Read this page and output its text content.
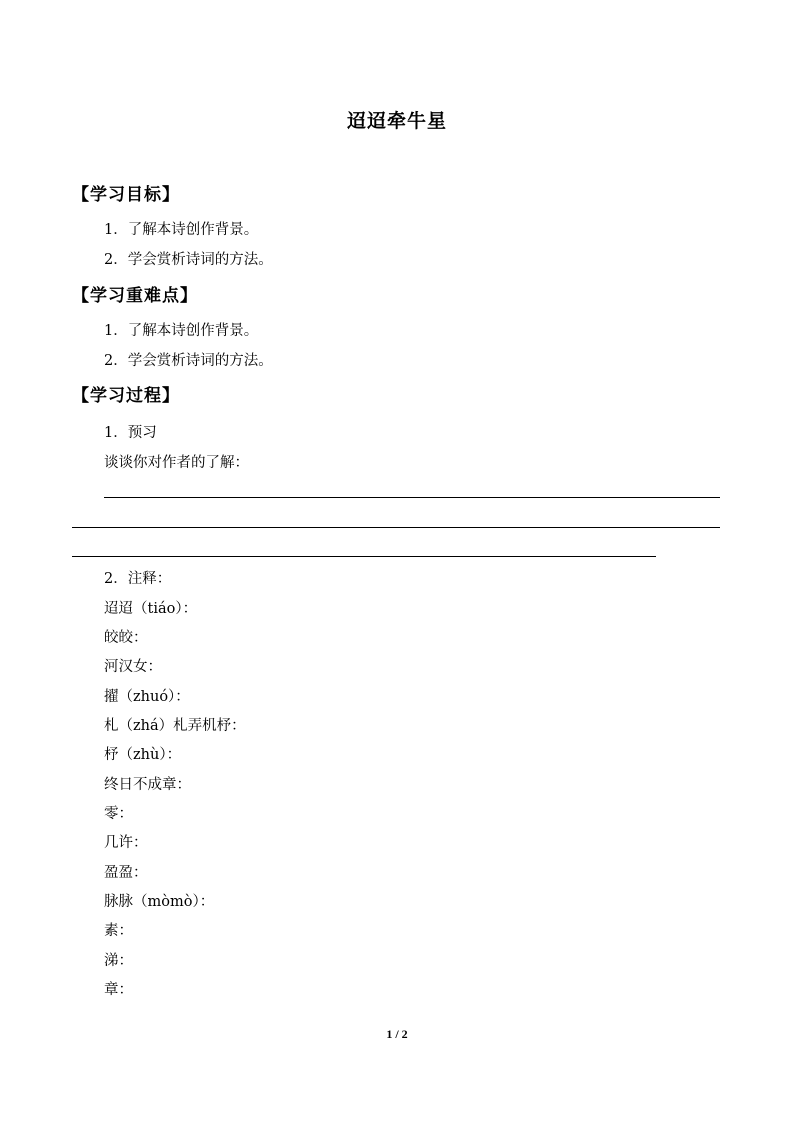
迢迢牵牛星
【学习目标】
1．了解本诗创作背景。
2．学会赏析诗词的方法。
【学习重难点】
1．了解本诗创作背景。
2．学会赏析诗词的方法。
【学习过程】
1．预习
谈谈你对作者的了解：
2．注释：
迢迢（tiáo）：
皎皎：
河汉女：
擢（zhuó）：
札（zhá）札弄机杼：
杼（zhù）：
终日不成章：
零：
几许：
盈盈：
脉脉（mòmò）：
素：
涕：
章：
1 / 2
